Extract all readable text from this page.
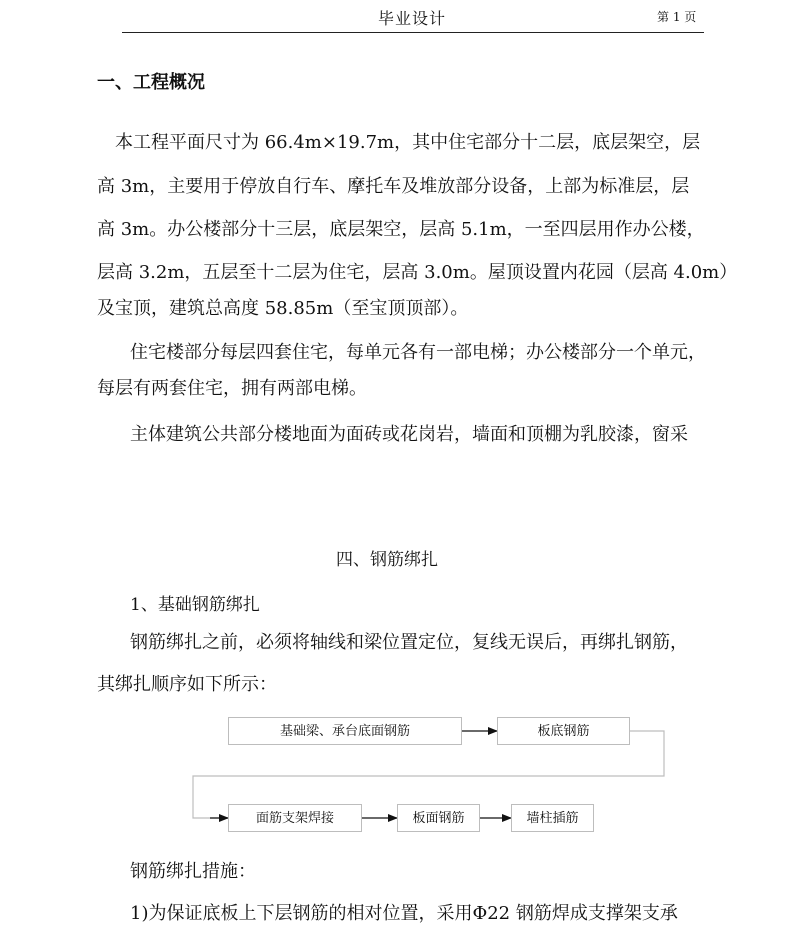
毕业设计	第 1 页
一、工程概况
本工程平面尺寸为 66.4m×19.7m，其中住宅部分十二层，底层架空，层
高 3m，主要用于停放自行车、摩托车及堆放部分设备，上部为标准层，层
高 3m。办公楼部分十三层，底层架空，层高 5.1m，一至四层用作办公楼，
层高 3.2m，五层至十二层为住宅，层高 3.0m。屋顶设置内花园（层高 4.0m）
及宝顶，建筑总高度 58.85m（至宝顶顶部）。
住宅楼部分每层四套住宅，每单元各有一部电梯；办公楼部分一个单元，
每层有两套住宅，拥有两部电梯。
主体建筑公共部分楼地面为面砖或花岗岩，墙面和顶棚为乳胶漆，窗采
四、钢筋绑扎
1、基础钢筋绑扎
钢筋绑扎之前，必须将轴线和梁位置定位，复线无误后，再绑扎钢筋，
其绑扎顺序如下所示：
基础梁、承台底面钢筋	板底钢筋
面筋支架焊接	板面钢筋	墙柱插筋
钢筋绑扎措施：
1)为保证底板上下层钢筋的相对位置，采用Φ22 钢筋焊成支撑架支承
